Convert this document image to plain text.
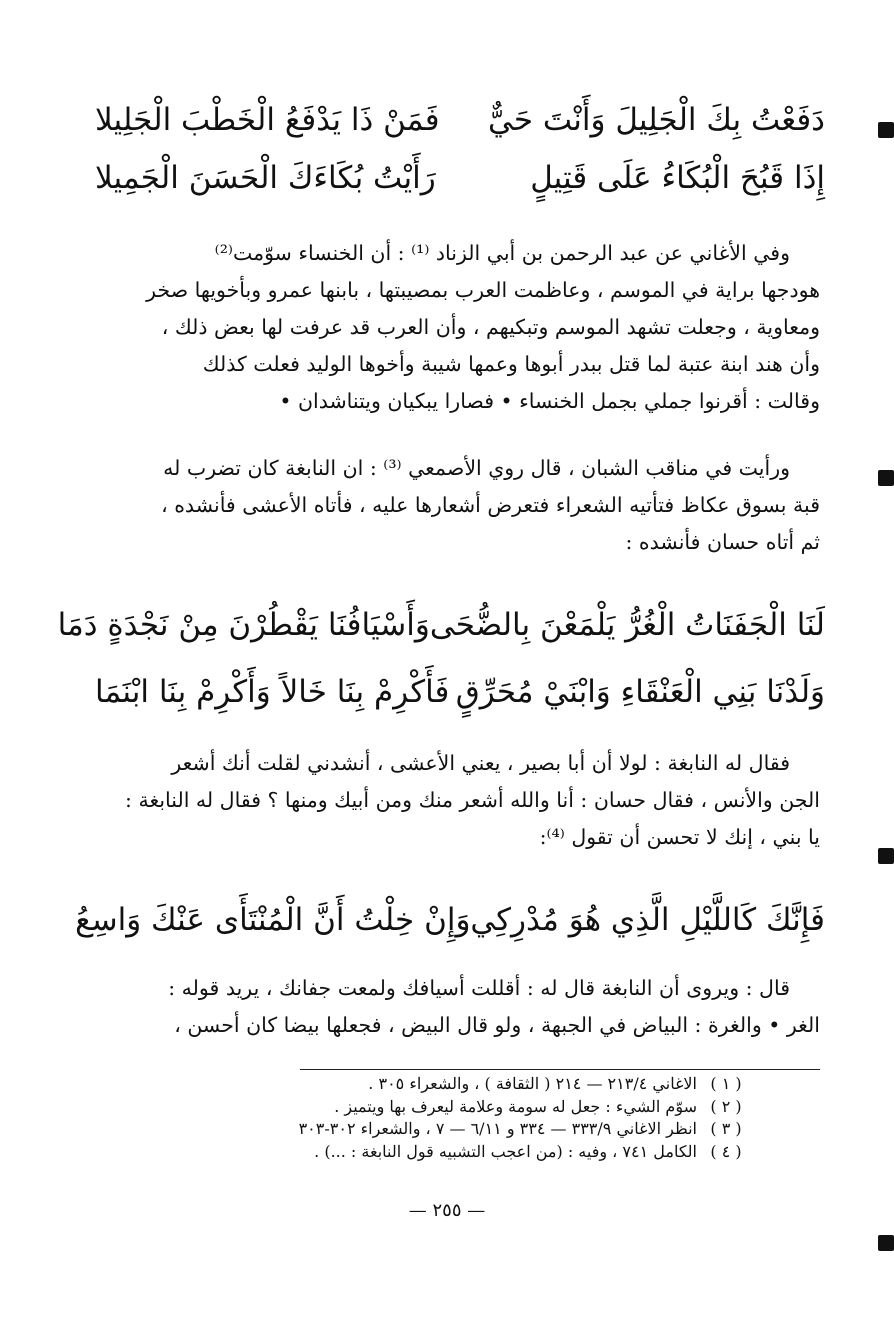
دَفَعْتُ بِكَ الْجَلِيلَ وَأَنْتَ حَيٌّ
فَمَنْ ذَا يَدْفَعُ الْخَطْبَ الْجَلِيلا
إِذَا قَبُحَ الْبُكَاءُ عَلَى قَتِيلٍ
رَأَيْتُ بُكَاءَكَ الْحَسَنَ الْجَمِيلا
وفي الأغاني عن عبد الرحمن بن أبي الزناد ⁽¹⁾ : أن الخنساء سوّمت⁽²⁾
هودجها براية في الموسم ، وعاظمت العرب بمصيبتها ، بابنها عمرو وبأخويها صخر
ومعاوية ، وجعلت تشهد الموسم وتبكيهم ، وأن العرب قد عرفت لها بعض ذلك ،
وأن هند ابنة عتبة لما قتل ببدر أبوها وعمها شيبة وأخوها الوليد فعلت كذلك
وقالت : أقرنوا جملي بجمل الخنساء • فصارا يبكيان ويتناشدان •
ورأيت في مناقب الشبان ، قال روي الأصمعي ⁽³⁾ : ان النابغة كان تضرب له
قبة بسوق عكاظ فتأتيه الشعراء فتعرض أشعارها عليه ، فأتاه الأعشى فأنشده ،
ثم أتاه حسان فأنشده :
لَنَا الْجَفَنَاتُ الْغُرُّ يَلْمَعْنَ بِالضُّحَى
وَأَسْيَافُنَا يَقْطُرْنَ مِنْ نَجْدَةٍ دَمَا
وَلَدْنَا بَنِي الْعَنْقَاءِ وَابْنَيْ مُحَرِّقٍ
فَأَكْرِمْ بِنَا خَالاً وَأَكْرِمْ بِنَا ابْنَمَا
فقال له النابغة : لولا أن أبا بصير ، يعني الأعشى ، أنشدني لقلت أنك أشعر
الجن والأنس ، فقال حسان : أنا والله أشعر منك ومن أبيك ومنها ؟ فقال له النابغة :
يا بني ، إنك لا تحسن أن تقول ⁽⁴⁾:
فَإِنَّكَ كَاللَّيْلِ الَّذِي هُوَ مُدْرِكِي
وَإِنْ خِلْتُ أَنَّ الْمُنْتَأَى عَنْكَ وَاسِعُ
قال : ويروى أن النابغة قال له : أقللت أسيافك ولمعت جفانك ، يريد قوله :
الغر • والغرة : البياض في الجبهة ، ولو قال البيض ، فجعلها بيضا كان أحسن ،
( ١ )
الاغاني ٢١٣/٤ — ٢١٤ ( الثقافة ) ، والشعراء ٣٠٥ .
( ٢ )
سوّم الشيء : جعل له سومة وعلامة ليعرف بها ويتميز .
( ٣ )
انظر الاغاني ٣٣٣/٩ — ٣٣٤ و ٦/١١ — ٧ ، والشعراء ٣٠٢-٣٠٣
( ٤ )
الكامل ٧٤١ ، وفيه : (من اعجب التشبيه قول النابغة : ...) .
— ٢٥٥ —
